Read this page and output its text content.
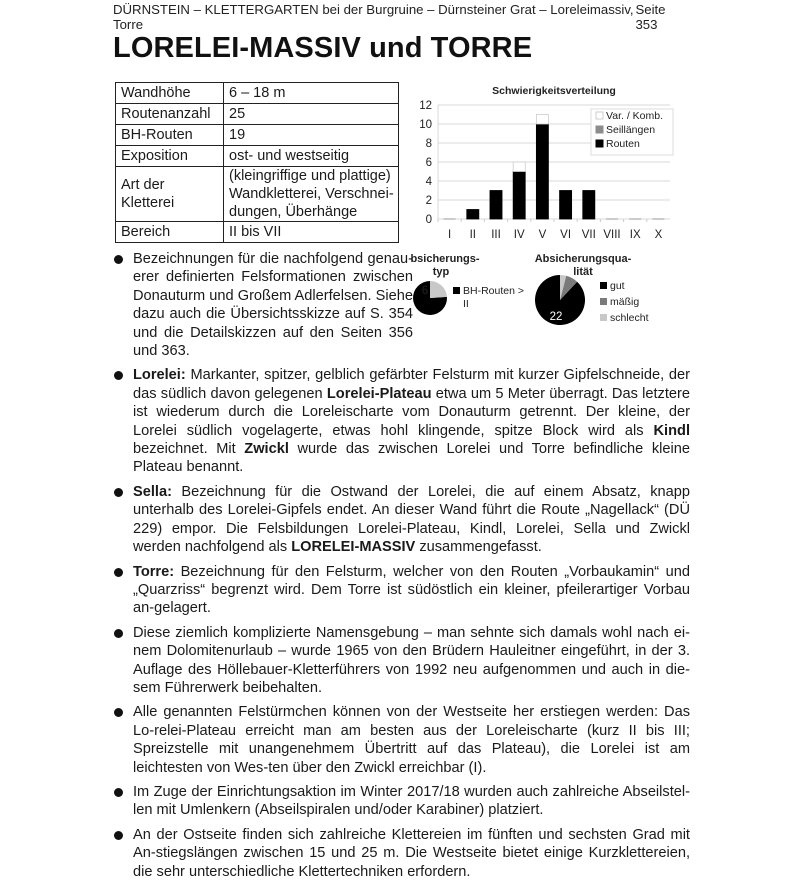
DÜRNSTEIN – KLETTERGARTEN bei der Burgruine – Dürnsteiner Grat – Loreleimassiv, Torre
Seite 353
LORELEI-MASSIV und TORRE
Wandhöhe	6 – 18 m
Routenanzahl	25
BH-Routen	19
Exposition	ost- und westseitig
Art der Kletterei	(kleingriffige und plattige) Wandkletterei, Verschnei-dungen, Überhänge
Bereich	II bis VII
Schwierigkeitsverteilung
0
2
4
6
8
10
12
I II III IV V VI VII VIII IX X
Var. / Komb.
Seillängen
Routen
Absicherungs-
typ
6	BH-Routen >
II
Absicherungsqua-
lität
22
gut
mäßig
schlecht
Bezeichnungen für die nachfolgend genau-erer definierten Felsformationen zwischen Donauturm und Großem Adlerfelsen. Siehe dazu auch die Übersichtsskizze auf S. 354 und die Detailskizzen auf den Seiten 356 und 363.
Lorelei: Markanter, spitzer, gelblich gefärbter Felsturm mit kurzer Gipfelschneide, der das südlich davon gelegenen Lorelei-Plateau etwa um 5 Meter überragt. Das letztere ist wiederum durch die Loreleischarte vom Donauturm getrennt. Der kleine, der Lorelei südlich vogelagerte, etwas hohl klingende, spitze Block wird als Kindl bezeichnet. Mit Zwickl wurde das zwischen Lorelei und Torre befindliche kleine Plateau benannt.
Sella: Bezeichnung für die Ostwand der Lorelei, die auf einem Absatz, knapp unterhalb des Lorelei-Gipfels endet. An dieser Wand führt die Route „Nagellack“ (DÜ 229) empor. Die Felsbildungen Lorelei-Plateau, Kindl, Lorelei, Sella und Zwickl werden nachfolgend als LORELEI-MASSIV zusammengefasst.
Torre: Bezeichnung für den Felsturm, welcher von den Routen „Vorbaukamin“ und „Quarzriss“ begrenzt wird. Dem Torre ist südöstlich ein kleiner, pfeilerartiger Vorbau an-gelagert.
Diese ziemlich komplizierte Namensgebung – man sehnte sich damals wohl nach ei-nem Dolomitenurlaub – wurde 1965 von den Brüdern Hauleitner eingeführt, in der 3. Auflage des Höllebauer-Kletterführers von 1992 neu aufgenommen und auch in die-sem Führerwerk beibehalten.
Alle genannten Felstürmchen können von der Westseite her erstiegen werden: Das Lo-relei-Plateau erreicht man am besten aus der Loreleischarte (kurz II bis III; Spreizstelle mit unangenehmem Übertritt auf das Plateau), die Lorelei ist am leichtesten von Wes-ten über den Zwickl erreichbar (I).
Im Zuge der Einrichtungsaktion im Winter 2017/18 wurden auch zahlreiche Abseilstel-len mit Umlenkern (Abseilspiralen und/oder Karabiner) platziert.
An der Ostseite finden sich zahlreiche Klettereien im fünften und sechsten Grad mit An-stiegslängen zwischen 15 und 25 m. Die Westseite bietet einige Kurzklettereien, die sehr unterschiedliche Klettertechniken erfordern.
